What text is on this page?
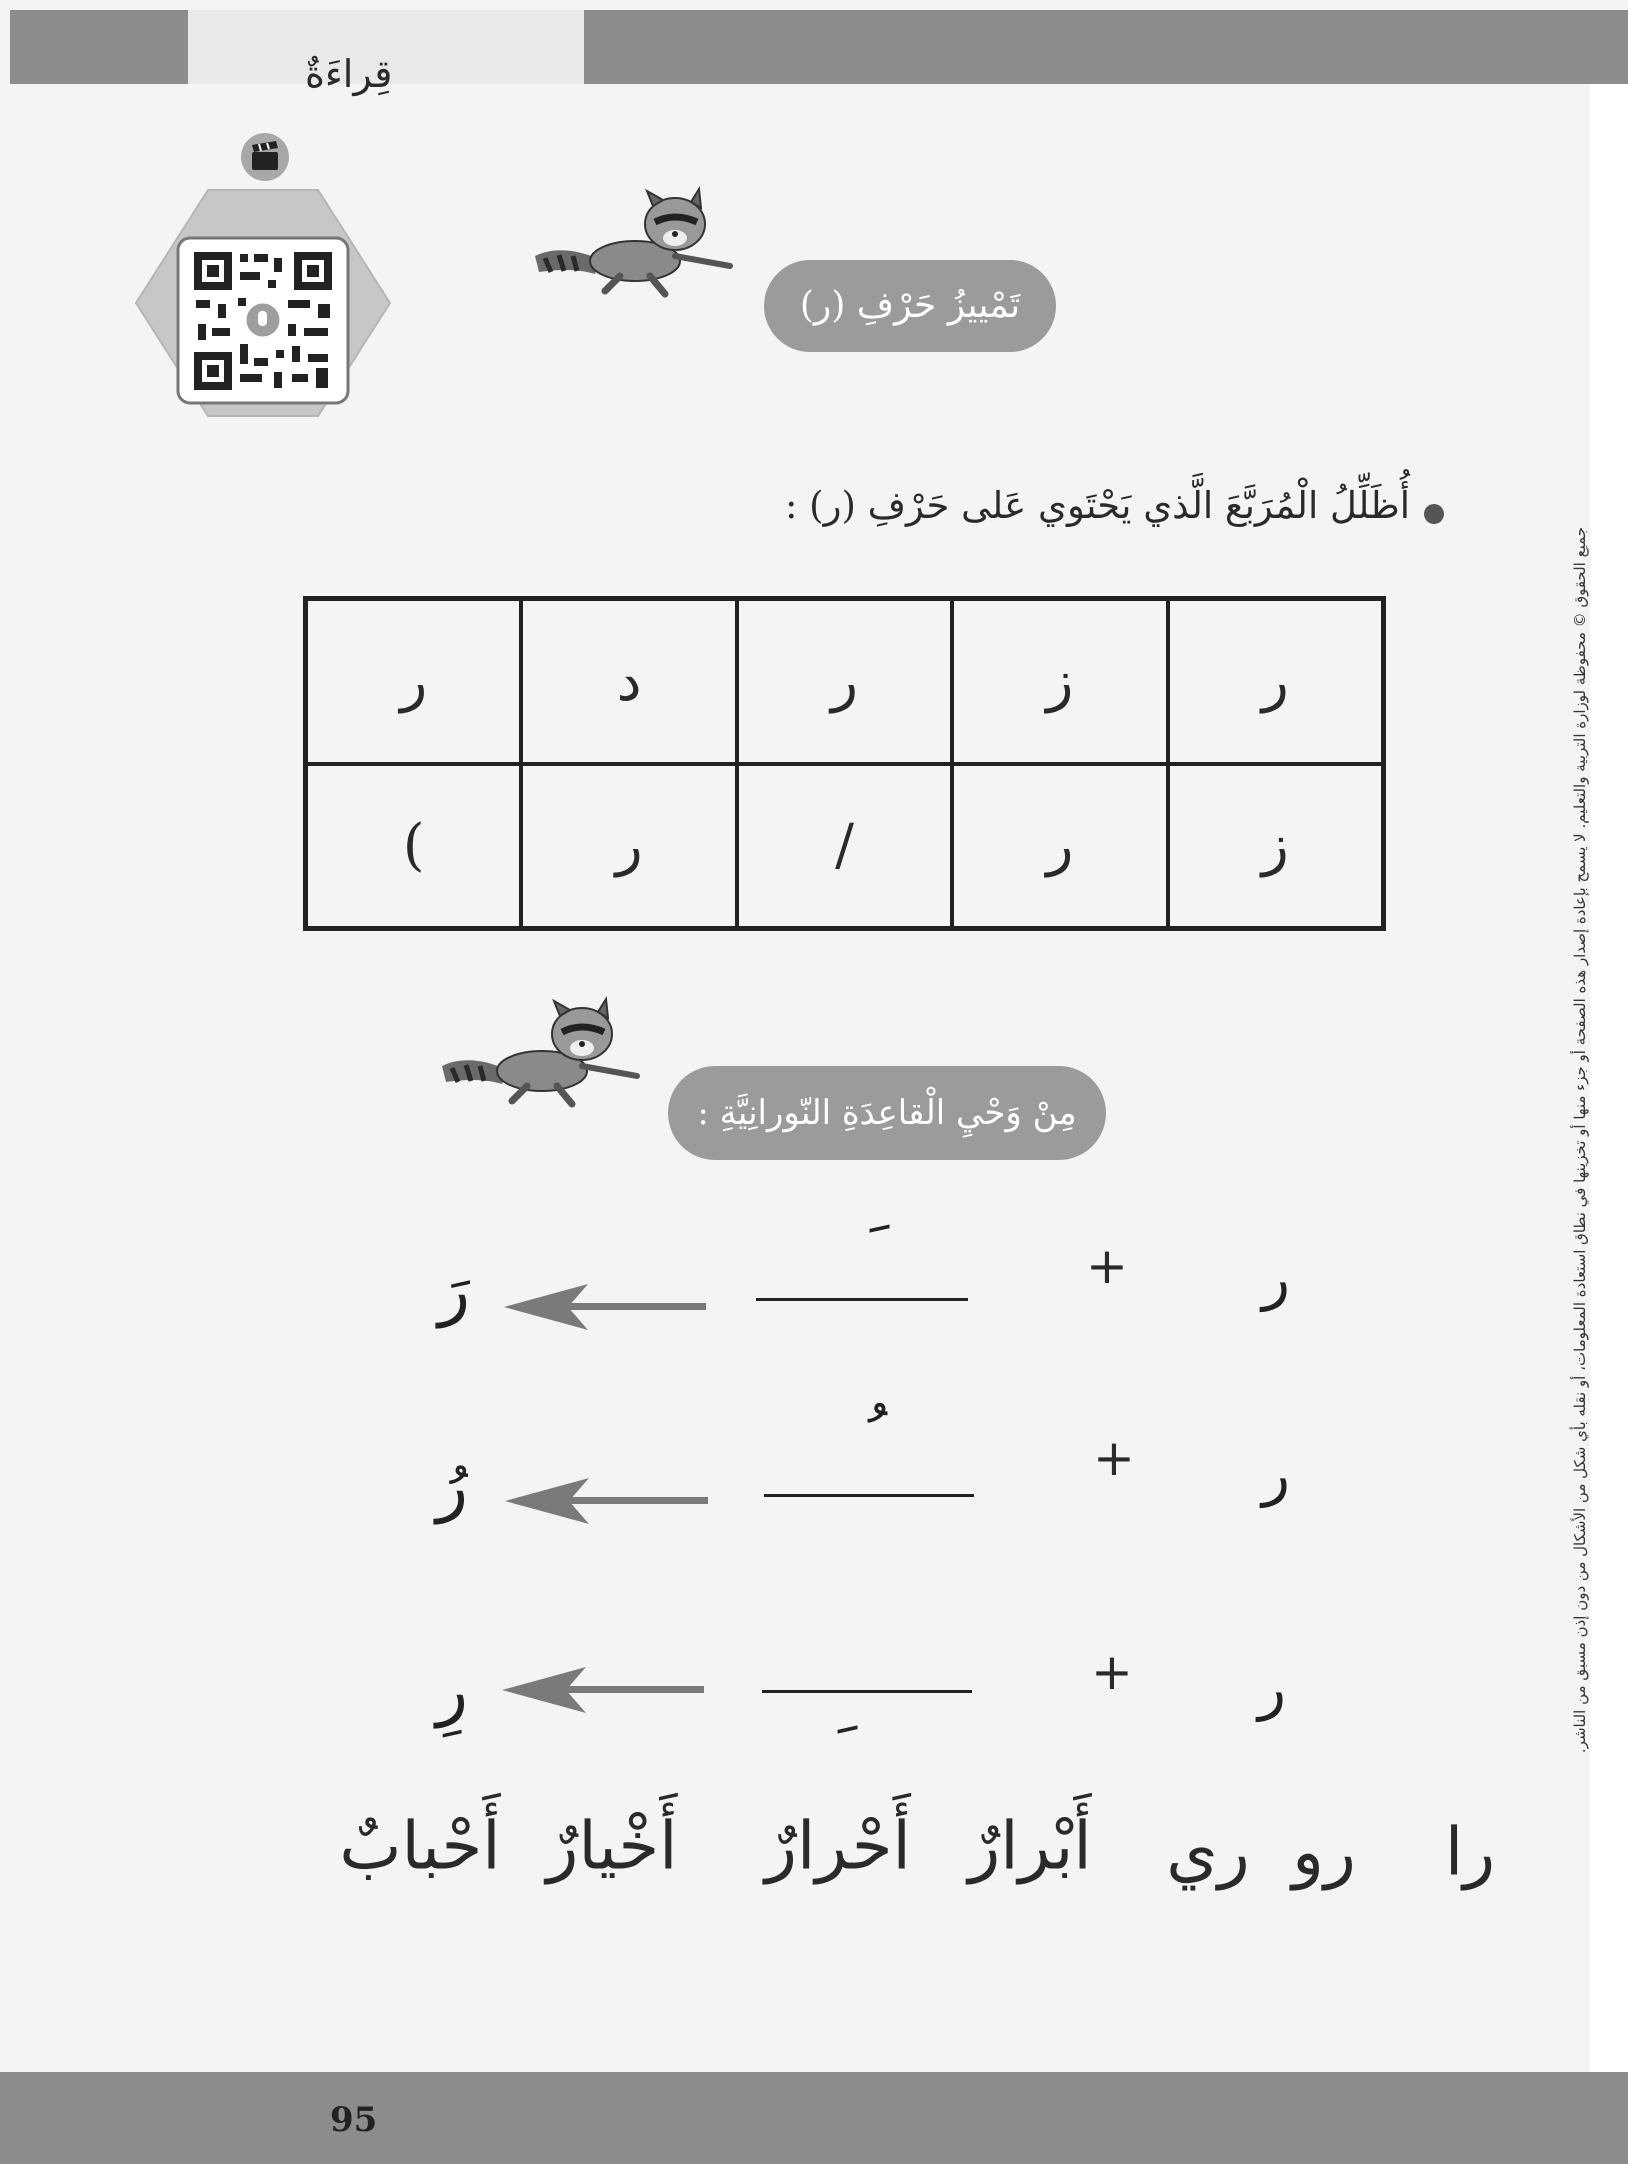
قِراءَةٌ
جميع الحقوق © محفوظة لوزارة التربية والتعليم. لا يسمح بإعادة إصدار هذه الصفحة أو جزء منها أو تخزينها في نطاق استعادة المعلومات، أو نقله بأي شكل من الأشكال من دون إذن مسبق من الناشر.
تَمْييزُ حَرْفِ (ر)
أُظَلِّلُ الْمُرَبَّعَ الَّذي يَحْتَوي عَلى حَرْفِ (ر) :
ر
ز
ر
د
ر
ز
ر
/
ر
)
مِنْ وَحْيِ الْقاعِدَةِ النّورانِيَّةِ :
ر
+
رَ
ر
+
رُ
ر
+
رِ
را
رو
ري
أَبْرارٌ
أَحْرارٌ
أَخْيارٌ
أَحْبابٌ
95
